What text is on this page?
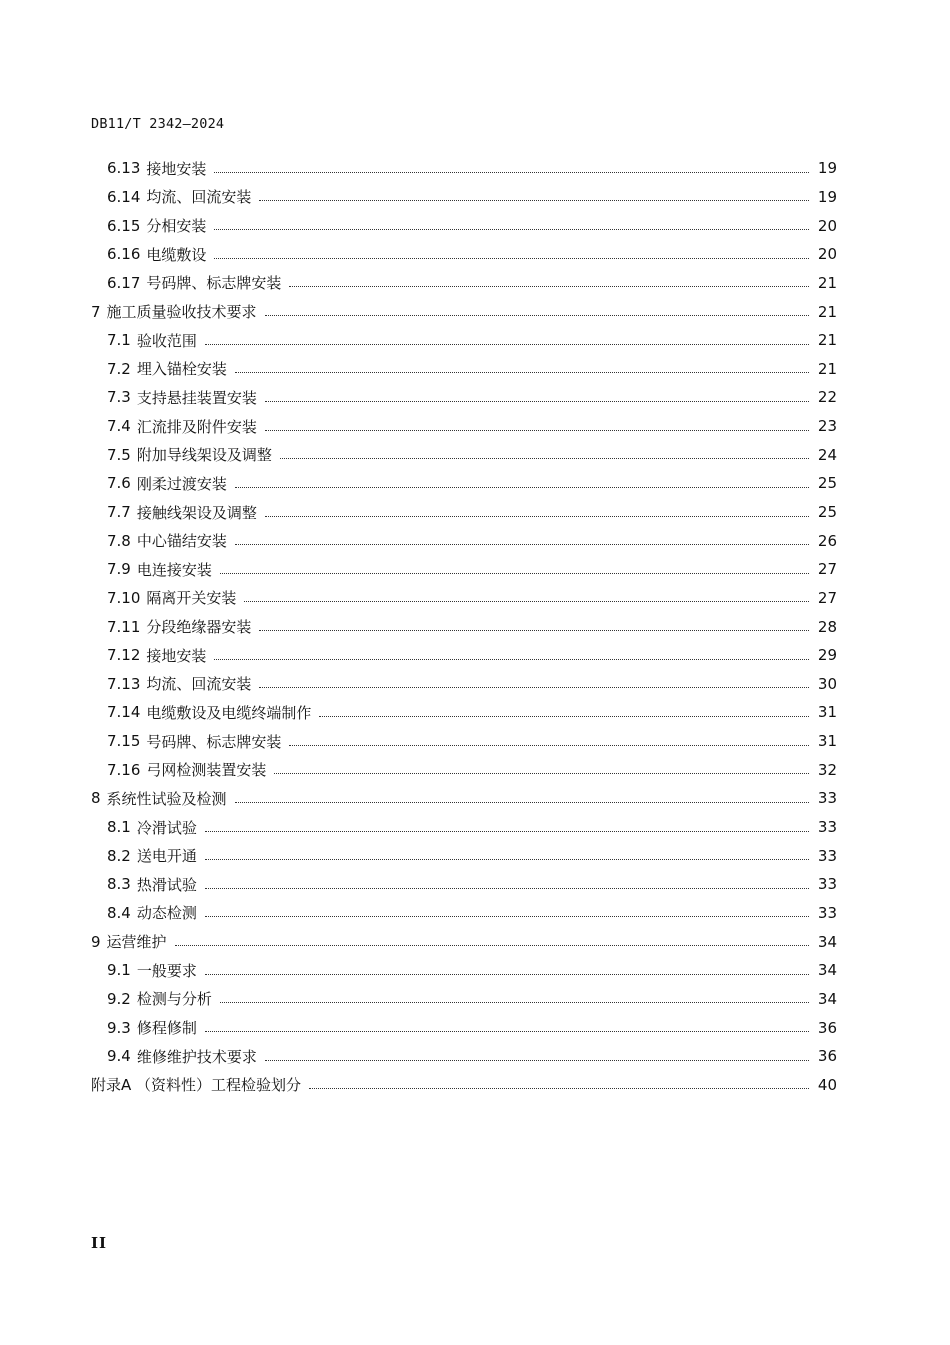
DB11/T 2342—2024
6.13 接地安装	19
6.14 均流、回流安装	19
6.15 分相安装	20
6.16 电缆敷设	20
6.17 号码牌、标志牌安装	21
7 施工质量验收技术要求	21
7.1 验收范围	21
7.2 埋入锚栓安装	21
7.3 支持悬挂装置安装	22
7.4 汇流排及附件安装	23
7.5 附加导线架设及调整	24
7.6 刚柔过渡安装	25
7.7 接触线架设及调整	25
7.8 中心锚结安装	26
7.9 电连接安装	27
7.10 隔离开关安装	27
7.11 分段绝缘器安装	28
7.12 接地安装	29
7.13 均流、回流安装	30
7.14 电缆敷设及电缆终端制作	31
7.15 号码牌、标志牌安装	31
7.16 弓网检测装置安装	32
8 系统性试验及检测	33
8.1 冷滑试验	33
8.2 送电开通	33
8.3 热滑试验	33
8.4 动态检测	33
9 运营维护	34
9.1 一般要求	34
9.2 检测与分析	34
9.3 修程修制	36
9.4 维修维护技术要求	36
附录A （资料性）工程检验划分	40
II
